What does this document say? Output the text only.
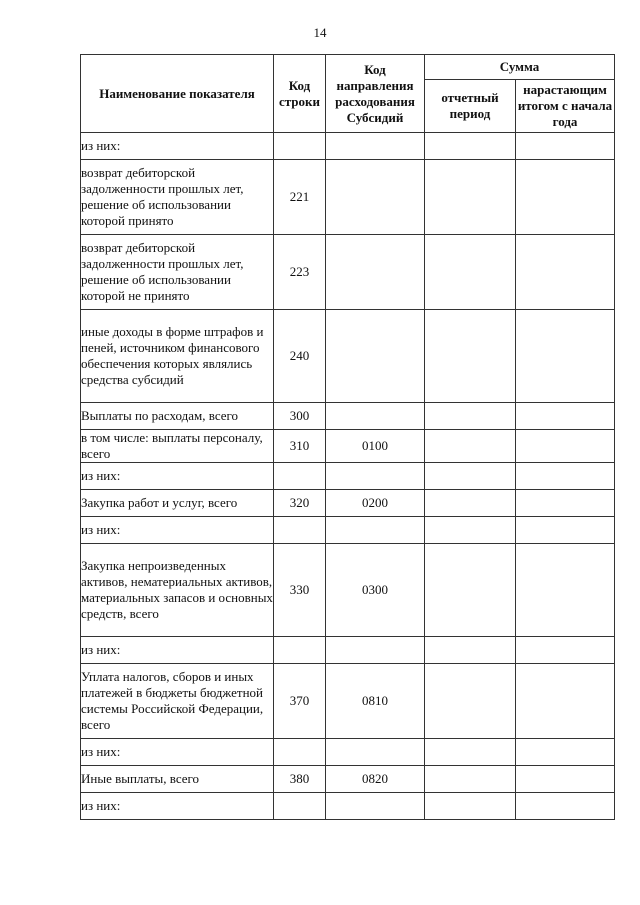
14
Наименование показателя	Код строки	Код направления расходования Субсидий	Сумма	
			отчетный период	нарастающим итогом с начала года
из них:				
возврат дебиторской задолженности прошлых лет, решение об использовании которой принято	221			
возврат дебиторской задолженности прошлых лет, решение об использовании которой не принято	223			
иные доходы в форме штрафов и пеней, источником финансового обеспечения которых являлись средства субсидий	240			
Выплаты по расходам, всего	300			
в том числе: выплаты персоналу, всего	310	0100		
из них:				
Закупка работ и услуг, всего	320	0200		
из них:				
Закупка непроизведенных активов, нематериальных активов, материальных запасов и основных средств, всего	330	0300		
из них:				
Уплата налогов, сборов и иных платежей в бюджеты бюджетной системы Российской Федерации, всего	370	0810		
из них:				
Иные выплаты, всего	380	0820		
из них:				
